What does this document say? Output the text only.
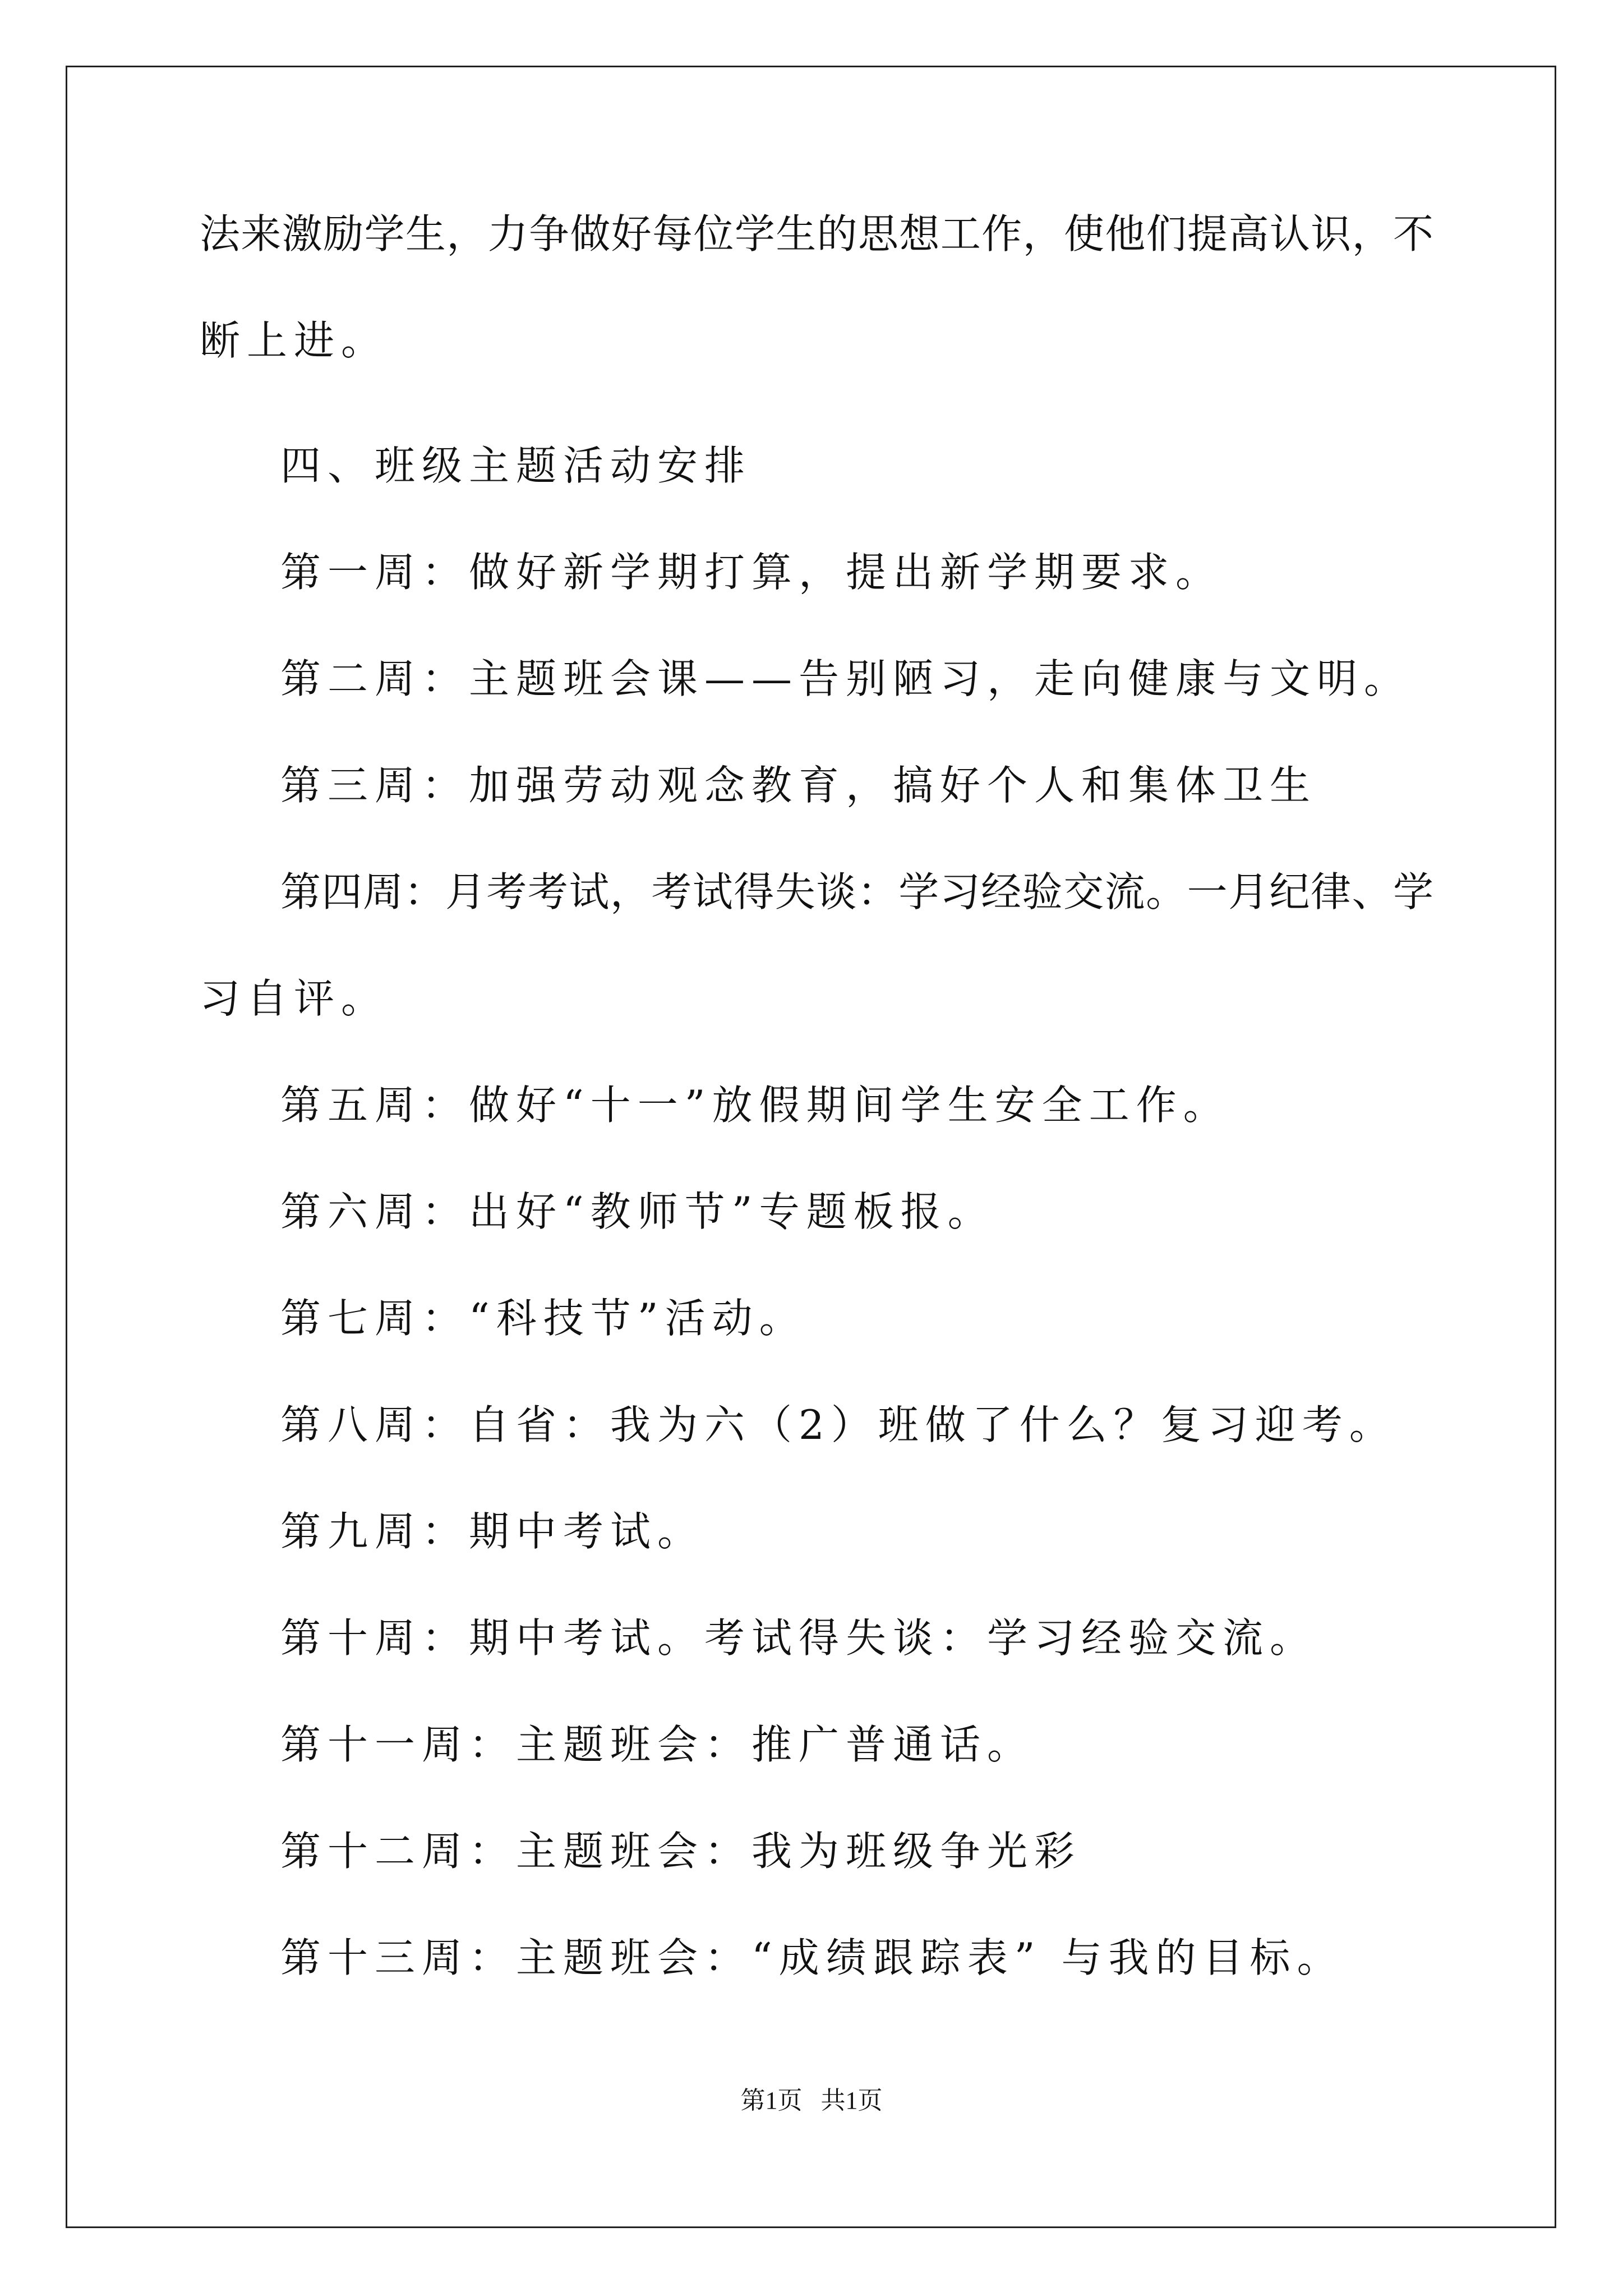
法来激励学生，力争做好每位学生的思想工作，使他们提高认识，不
断上进。
四、班级主题活动安排
第一周：做好新学期打算，提出新学期要求。
第二周：主题班会课——告别陋习，走向健康与文明。
第三周：加强劳动观念教育，搞好个人和集体卫生
第四周：月考考试，考试得失谈：学习经验交流。一月纪律、学
习自评。
第五周：做好“十一”放假期间学生安全工作。
第六周：出好“教师节”专题板报。
第七周：“科技节”活动。
第八周：自省：我为六（2）班做了什么？复习迎考。
第九周：期中考试。
第十周：期中考试。考试得失谈：学习经验交流。
第十一周：主题班会：推广普通话。
第十二周：主题班会：我为班级争光彩
第十三周：主题班会：“成绩跟踪表” 与我的目标。
第1页   共1页
